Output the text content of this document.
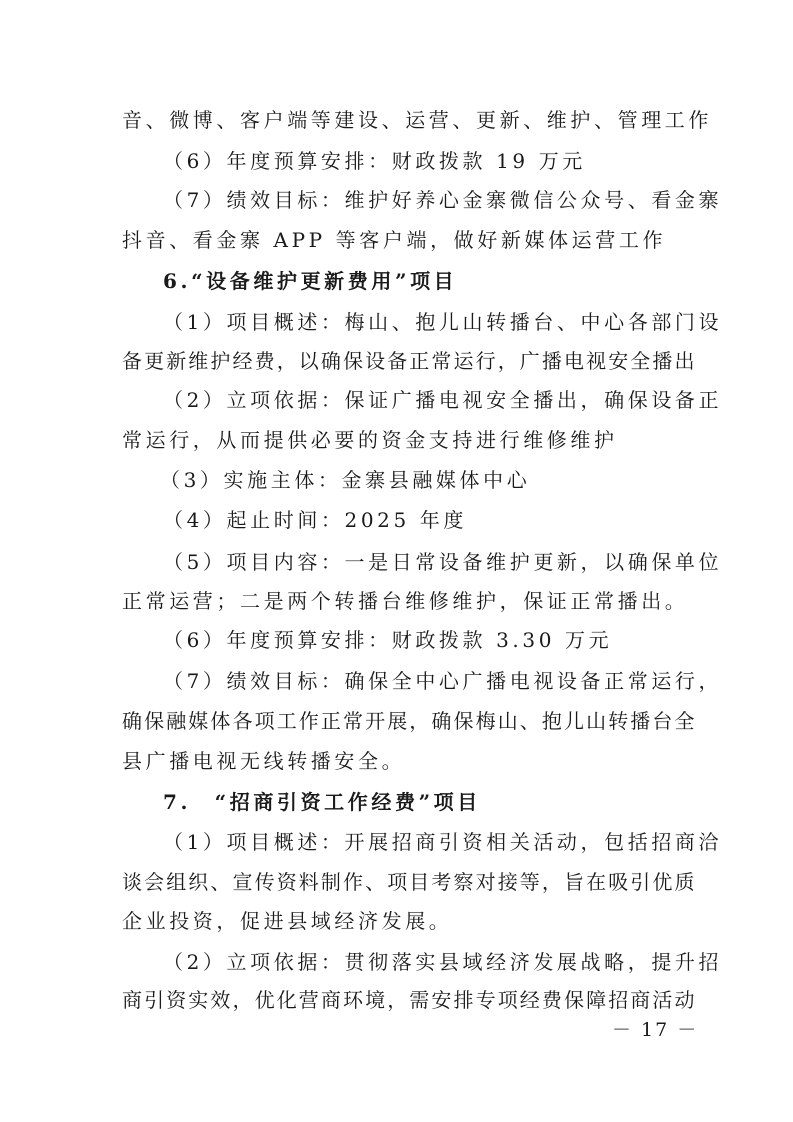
音、微博、客户端等建设、运营、更新、维护、管理工作
（6）年度预算安排：财政拨款 19 万元
（7）绩效目标：维护好养心金寨微信公众号、看金寨
抖音、看金寨 APP 等客户端，做好新媒体运营工作
6.“设备维护更新费用”项目
（1）项目概述：梅山、抱儿山转播台、中心各部门设
备更新维护经费，以确保设备正常运行，广播电视安全播出
（2）立项依据：保证广播电视安全播出，确保设备正
常运行，从而提供必要的资金支持进行维修维护
（3）实施主体：金寨县融媒体中心
（4）起止时间：2025 年度
（5）项目内容：一是日常设备维护更新，以确保单位
正常运营；二是两个转播台维修维护，保证正常播出。
（6）年度预算安排：财政拨款 3.30 万元
（7）绩效目标：确保全中心广播电视设备正常运行，
确保融媒体各项工作正常开展，确保梅山、抱儿山转播台全
县广播电视无线转播安全。
7.　“招商引资工作经费”项目
（1）项目概述：开展招商引资相关活动，包括招商洽
谈会组织、宣传资料制作、项目考察对接等，旨在吸引优质
企业投资，促进县域经济发展。
（2）立项依据：贯彻落实县域经济发展战略，提升招
商引资实效，优化营商环境，需安排专项经费保障招商活动
－ 17 －
